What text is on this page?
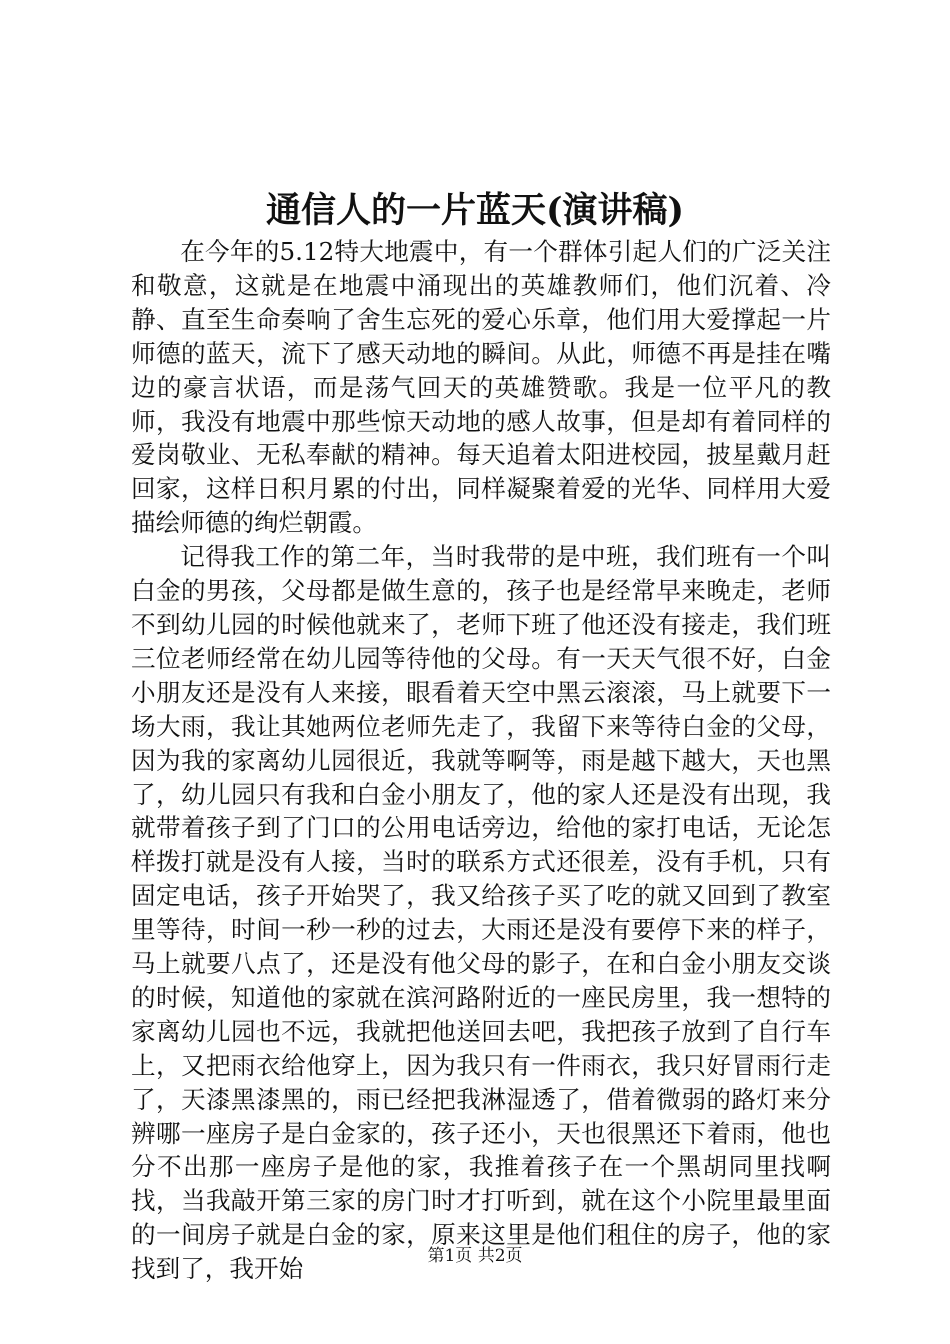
通信人的一片蓝天(演讲稿)

在今年的5.12特大地震中，有一个群体引起人们的广泛关注和敬意，这就是在地震中涌现出的英雄教师们，他们沉着、冷静、直至生命奏响了舍生忘死的爱心乐章，他们用大爱撑起一片师德的蓝天，流下了感天动地的瞬间。从此，师德不再是挂在嘴边的豪言状语，而是荡气回天的英雄赞歌。我是一位平凡的教师，我没有地震中那些惊天动地的感人故事，但是却有着同样的爱岗敬业、无私奉献的精神。每天追着太阳进校园，披星戴月赶回家，这样日积月累的付出，同样凝聚着爱的光华、同样用大爱描绘师德的绚烂朝霞。

记得我工作的第二年，当时我带的是中班，我们班有一个叫白金的男孩，父母都是做生意的，孩子也是经常早来晚走，老师不到幼儿园的时候他就来了，老师下班了他还没有接走，我们班三位老师经常在幼儿园等待他的父母。有一天天气很不好，白金小朋友还是没有人来接，眼看着天空中黑云滚滚，马上就要下一场大雨，我让其她两位老师先走了，我留下来等待白金的父母，因为我的家离幼儿园很近，我就等啊等，雨是越下越大，天也黑了，幼儿园只有我和白金小朋友了，他的家人还是没有出现，我就带着孩子到了门口的公用电话旁边，给他的家打电话，无论怎样拨打就是没有人接，当时的联系方式还很差，没有手机，只有固定电话，孩子开始哭了，我又给孩子买了吃的就又回到了教室里等待，时间一秒一秒的过去，大雨还是没有要停下来的样子，马上就要八点了，还是没有他父母的影子，在和白金小朋友交谈的时候，知道他的家就在滨河路附近的一座民房里，我一想特的家离幼儿园也不远，我就把他送回去吧，我把孩子放到了自行车上，又把雨衣给他穿上，因为我只有一件雨衣，我只好冒雨行走了，天漆黑漆黑的，雨已经把我淋湿透了，借着微弱的路灯来分辨哪一座房子是白金家的，孩子还小，天也很黑还下着雨，他也分不出那一座房子是他的家，我推着孩子在一个黑胡同里找啊找，当我敲开第三家的房门时才打听到，就在这个小院里最里面的一间房子就是白金的家，原来这里是他们租住的房子，他的家找到了，我开始	第1页 共2页
